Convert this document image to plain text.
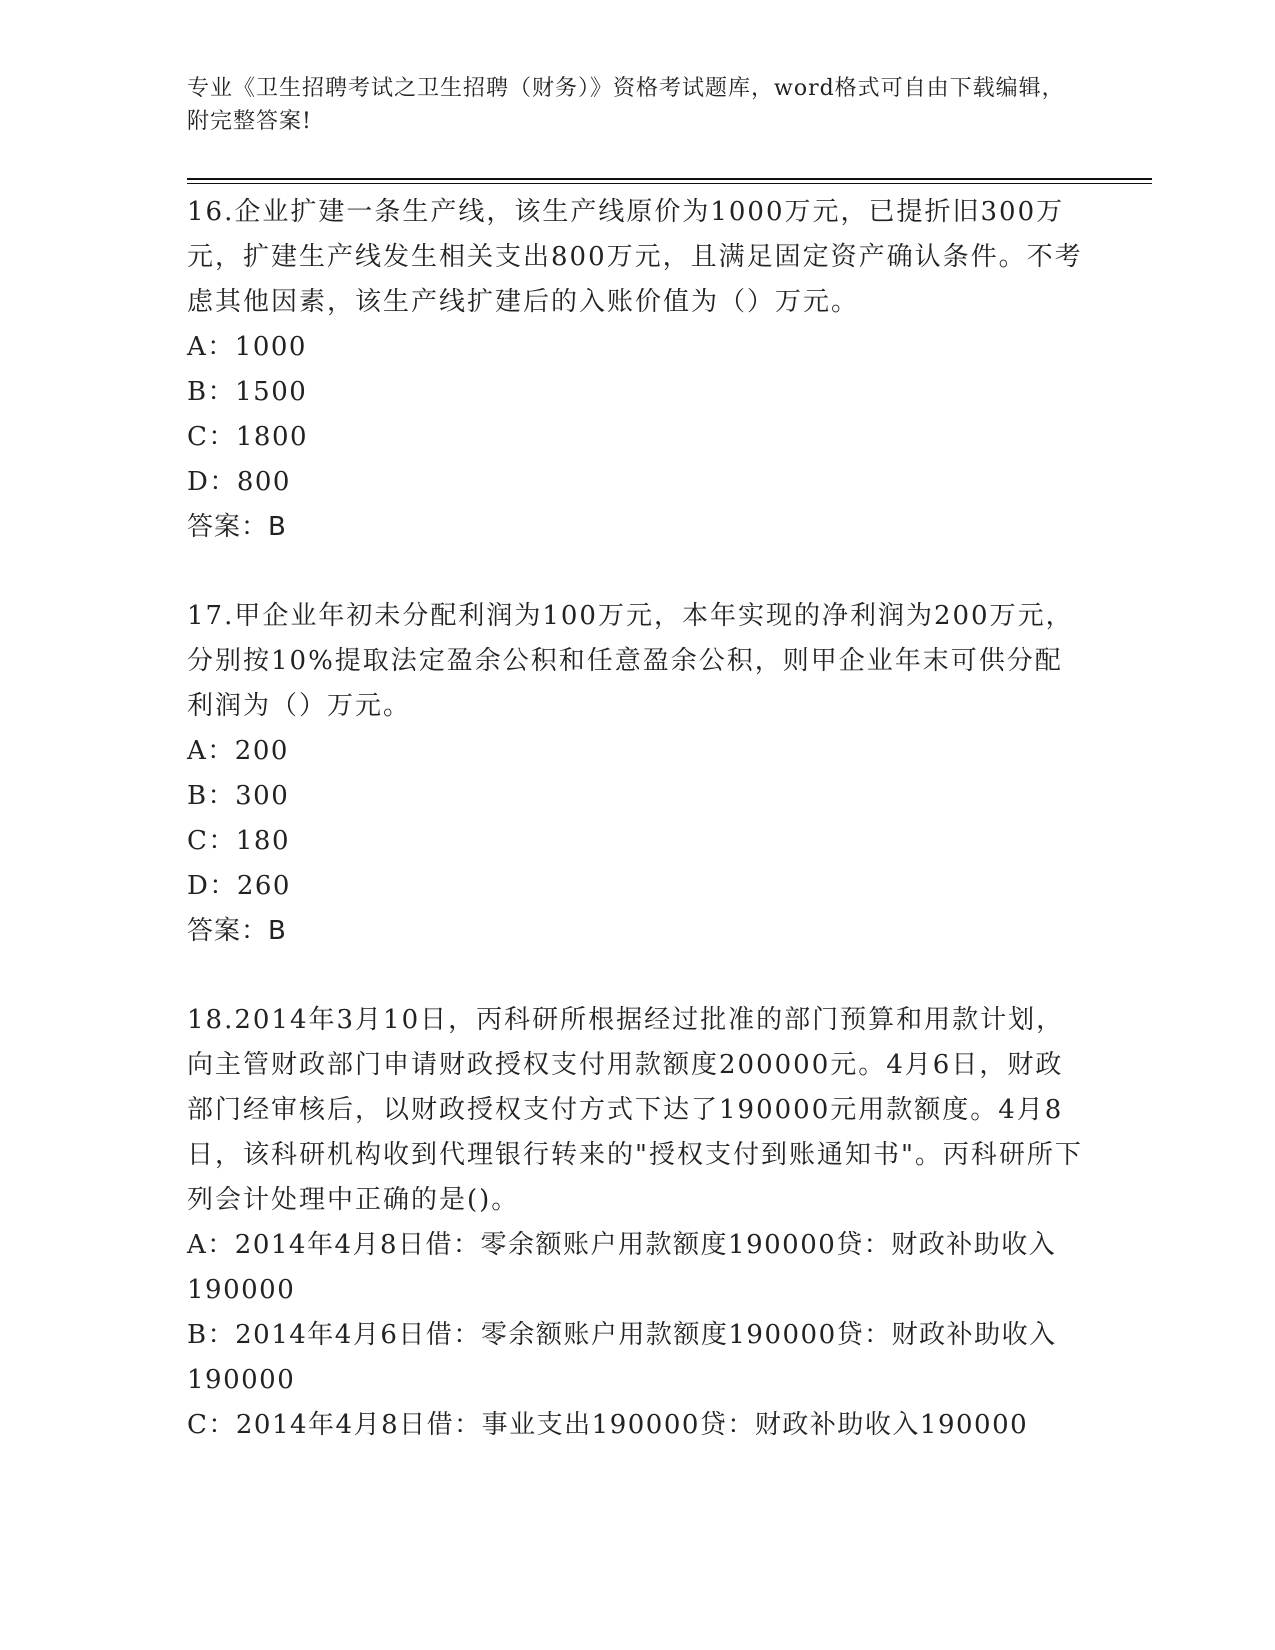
专业《卫生招聘考试之卫生招聘（财务）》资格考试题库，word格式可自由下载编辑，附完整答案!

16.企业扩建一条生产线，该生产线原价为1000万元，已提折旧300万元，扩建生产线发生相关支出800万元，且满足固定资产确认条件。不考虑其他因素，该生产线扩建后的入账价值为（）万元。

A：1000

B：1500

C：1800

D：800

答案：B

17.甲企业年初未分配利润为100万元，本年实现的净利润为200万元，分别按10%提取法定盈余公积和任意盈余公积，则甲企业年末可供分配利润为（）万元。

A：200

B：300

C：180

D：260

答案：B

18.2014年3月10日，丙科研所根据经过批准的部门预算和用款计划，向主管财政部门申请财政授权支付用款额度200000元。4月6日，财政部门经审核后，以财政授权支付方式下达了190000元用款额度。4月8日，该科研机构收到代理银行转来的"授权支付到账通知书"。丙科研所下列会计处理中正确的是()。

A：2014年4月8日借：零余额账户用款额度190000贷：财政补助收入190000

B：2014年4月6日借：零余额账户用款额度190000贷：财政补助收入190000

C：2014年4月8日借：事业支出190000贷：财政补助收入190000
